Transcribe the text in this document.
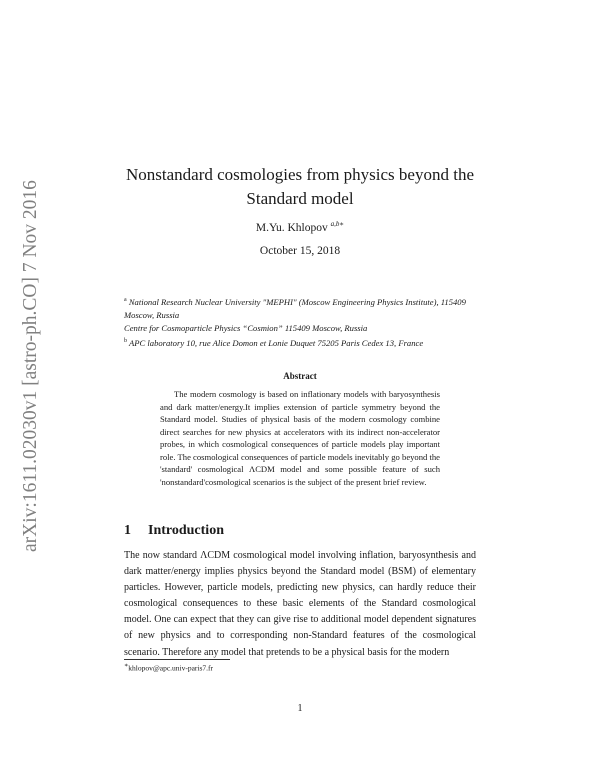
arXiv:1611.02030v1 [astro-ph.CO] 7 Nov 2016
Nonstandard cosmologies from physics beyond the
Standard model
M.Yu. Khlopov $^{a,b∗}$
October 15, 2018

$^a$ National Research Nuclear University "MEPHI" (Moscow Engineering Physics Institute), 115409 Moscow, Russia

Centre for Cosmoparticle Physics “Cosmion” 115409 Moscow, Russia

$^b$ APC laboratory 10, rue Alice Domon et Lonie Duquet 75205 Paris Cedex 13, France

Abstract

The modern cosmology is based on inflationary models with baryosynthesis and dark matter/energy.It implies extension of particle symmetry beyond the Standard model. Studies of physical basis of the modern cosmology combine direct searches for new physics at accelerators with its indirect non-accelerator probes, in which cosmological consequences of particle models play important role. The cosmological consequences of particle models inevitably go beyond the 'standard' cosmological ΛCDM model and some possible feature of such 'nonstandard'cosmological scenarios is the subject of the present brief review.

1 Introduction

The now standard ΛCDM cosmological model involving inflation, baryosynthesis and dark matter/energy implies physics beyond the Standard model (BSM) of elementary particles. However, particle models, predicting new physics, can hardly reduce their cosmological consequences to these basic elements of the Standard cosmological model. One can expect that they can give rise to additional model dependent signatures of new physics and to corresponding non-Standard features of the cosmological scenario. Therefore any model that pretends to be a physical basis for the modern

∗khlopov@apc.univ-paris7.fr

1
